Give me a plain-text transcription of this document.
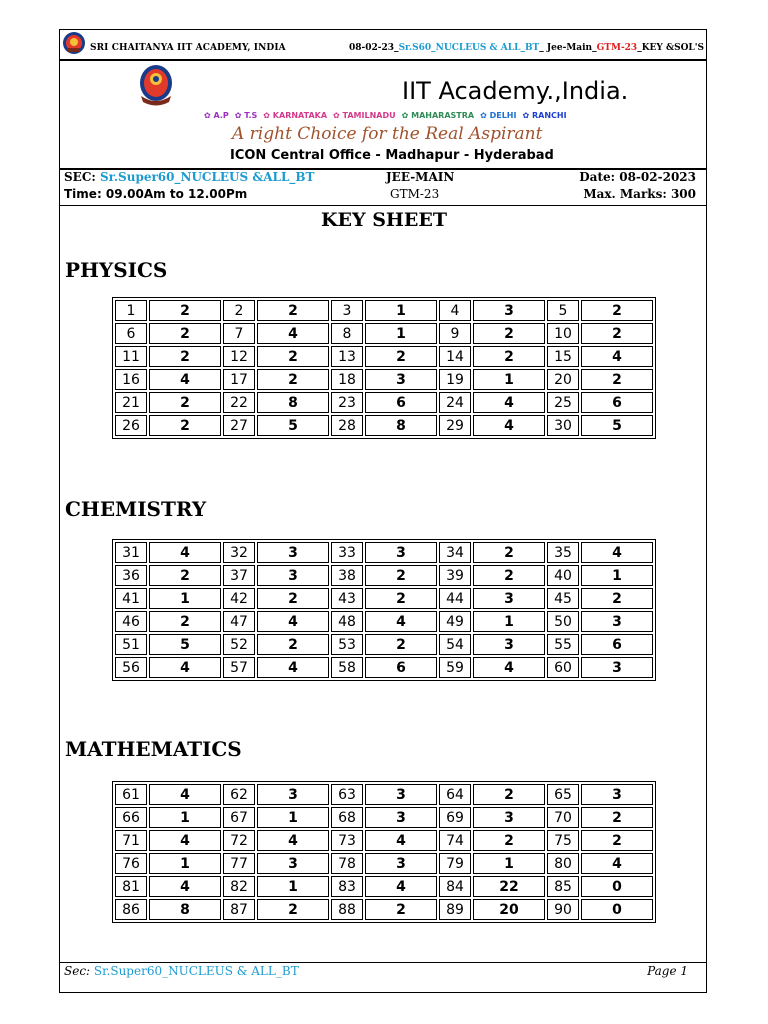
SRI CHAITANYA IIT ACADEMY, INDIA	08-02-23_Sr.S60_NUCLEUS & ALL_BT_ Jee-Main_GTM-23_KEY &SOL'S
IIT Academy.,India.
✿ A.P ✿ T.S ✿ KARNATAKA ✿ TAMILNADU ✿ MAHARASTRA ✿ DELHI ✿ RANCHI
A right Choice for the Real Aspirant
ICON Central Office - Madhapur - Hyderabad
SEC: Sr.Super60_NUCLEUS &ALL_BT	JEE-MAIN	Date: 08-02-2023
Time: 09.00Am to 12.00Pm	GTM-23	Max. Marks: 300
KEY SHEET
PHYSICS
1	2	2	2	3	1	4	3	5	2
6	2	7	4	8	1	9	2	10	2
11	2	12	2	13	2	14	2	15	4
16	4	17	2	18	3	19	1	20	2
21	2	22	8	23	6	24	4	25	6
26	2	27	5	28	8	29	4	30	5
CHEMISTRY
31	4	32	3	33	3	34	2	35	4
36	2	37	3	38	2	39	2	40	1
41	1	42	2	43	2	44	3	45	2
46	2	47	4	48	4	49	1	50	3
51	5	52	2	53	2	54	3	55	6
56	4	57	4	58	6	59	4	60	3
MATHEMATICS
61	4	62	3	63	3	64	2	65	3
66	1	67	1	68	3	69	3	70	2
71	4	72	4	73	4	74	2	75	2
76	1	77	3	78	3	79	1	80	4
81	4	82	1	83	4	84	22	85	0
86	8	87	2	88	2	89	20	90	0
Sec: Sr.Super60_NUCLEUS & ALL_BT	Page 1
